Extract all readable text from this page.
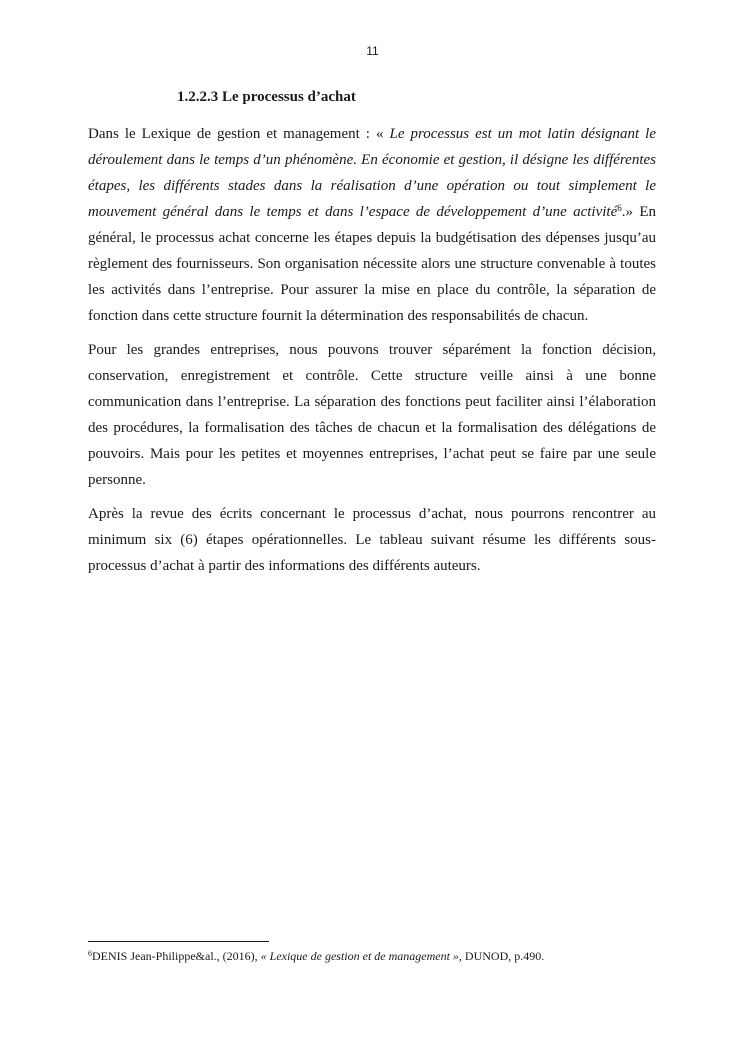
11
1.2.2.3 Le processus d’achat

Dans le Lexique de gestion et management : « Le processus est un mot latin désignant le déroulement dans le temps d’un phénomène. En économie et gestion, il désigne les différentes étapes, les différents stades dans la réalisation d’une opération ou tout simplement le mouvement général dans le temps et dans l’espace de développement d’une activité$^6$.» En général, le processus achat concerne les étapes depuis la budgétisation des dépenses jusqu’au règlement des fournisseurs. Son organisation nécessite alors une structure convenable à toutes les activités dans l’entreprise. Pour assurer la mise en place du contrôle, la séparation de fonction dans cette structure fournit la détermination des responsabilités de chacun.

Pour les grandes entreprises, nous pouvons trouver séparément la fonction décision, conservation, enregistrement et contrôle. Cette structure veille ainsi à une bonne communication dans l’entreprise. La séparation des fonctions peut faciliter ainsi l’élaboration des procédures, la formalisation des tâches de chacun et la formalisation des délégations de pouvoirs. Mais pour les petites et moyennes entreprises, l’achat peut se faire par une seule personne.

Après la revue des écrits concernant le processus d’achat, nous pourrons rencontrer au minimum six (6) étapes opérationnelles. Le tableau suivant résume les différents sous-processus d’achat à partir des informations des différents auteurs.

$^6$DENIS Jean-Philippe&al., (2016), « Lexique de gestion et de management », DUNOD, p.490.
